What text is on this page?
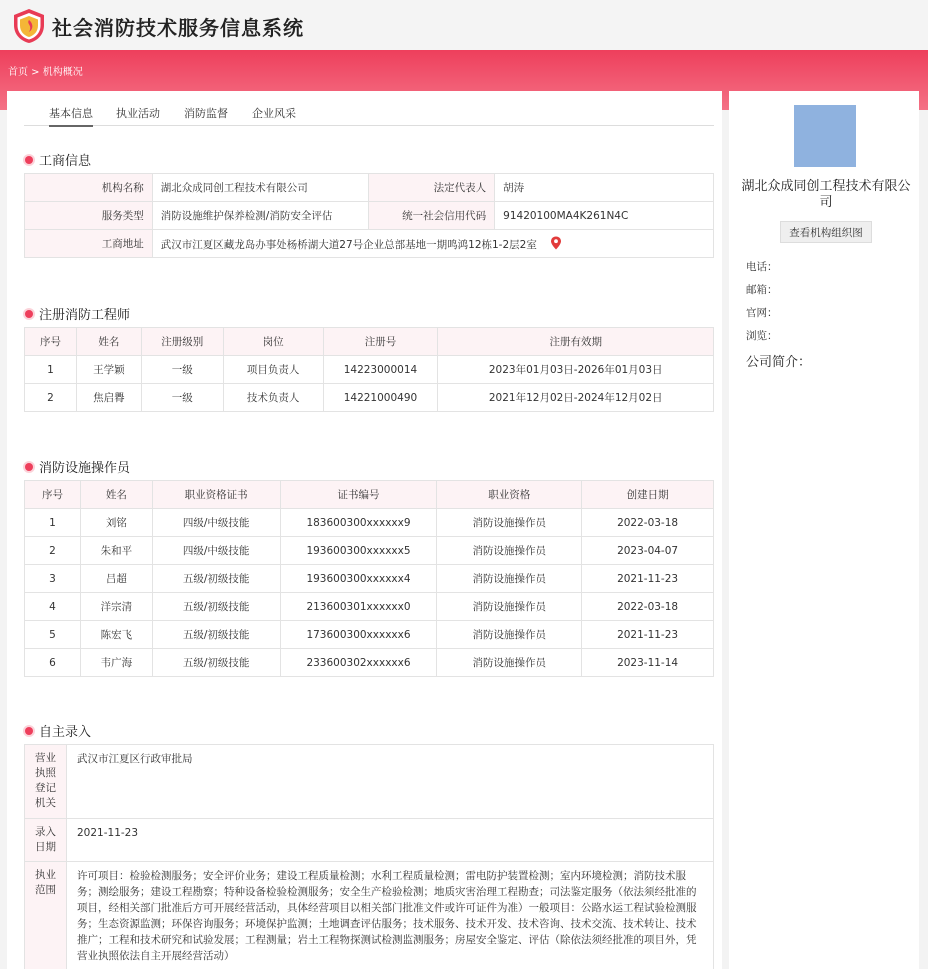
社会消防技术服务信息系统
首页 > 机构概况
基本信息 执业活动 消防监督 企业风采
工商信息
机构名称	湖北众成同创工程技术有限公司	法定代表人	胡涛
服务类型	消防设施维护保养检测/消防安全评估	统一社会信用代码	91420100MA4K261N4C
工商地址	武汉市江夏区藏龙岛办事处杨桥湖大道27号企业总部基地一期鸣鸿12栋1-2层2室		
注册消防工程师
序号	姓名	注册级别	岗位	注册号	注册有效期
1	王学颖	一级	项目负责人	14223000014	2023年01月03日-2026年01月03日
2	焦启臖	一级	技术负责人	14221000490	2021年12月02日-2024年12月02日
消防设施操作员
序号	姓名	职业资格证书	证书编号	职业资格	创建日期
1	刘铭	四级/中级技能	183600300xxxxxx9	消防设施操作员	2022-03-18
2	朱和平	四级/中级技能	193600300xxxxxx5	消防设施操作员	2023-04-07
3	吕超	五级/初级技能	193600300xxxxxx4	消防设施操作员	2021-11-23
4	洋宗清	五级/初级技能	213600301xxxxxx0	消防设施操作员	2022-03-18
5	陈宏飞	五级/初级技能	173600300xxxxxx6	消防设施操作员	2021-11-23
6	韦广海	五级/初级技能	233600302xxxxxx6	消防设施操作员	2023-11-14
自主录入
营业执照登记机关	武汉市江夏区行政审批局
录入日期	2021-11-23
执业范围	许可项目：检验检测服务；安全评价业务；建设工程质量检测；水利工程质量检测；雷电防护装置检测；室内环境检测；消防技术服务；测绘服务；建设工程勘察；特种设备检验检测服务；安全生产检验检测；地质灾害治理工程勘查；司法鉴定服务（依法须经批准的项目，经相关部门批准后方可开展经营活动，具体经营项目以相关部门批准文件或许可证件为准）一般项目：公路水运工程试验检测服务；生态资源监测；环保咨询服务；环境保护监测；土地调查评估服务；技术服务、技术开发、技术咨询、技术交流、技术转让、技术推广；工程和技术研究和试验发展；工程测量；岩土工程物探测试检测监测服务；房屋安全鉴定、评估（除依法须经批准的项目外，凭营业执照依法自主开展经营活动）
湖北众成同创工程技术有限公司
查看机构组织图
电话：
邮箱：
官网：
浏览：
公司简介：
